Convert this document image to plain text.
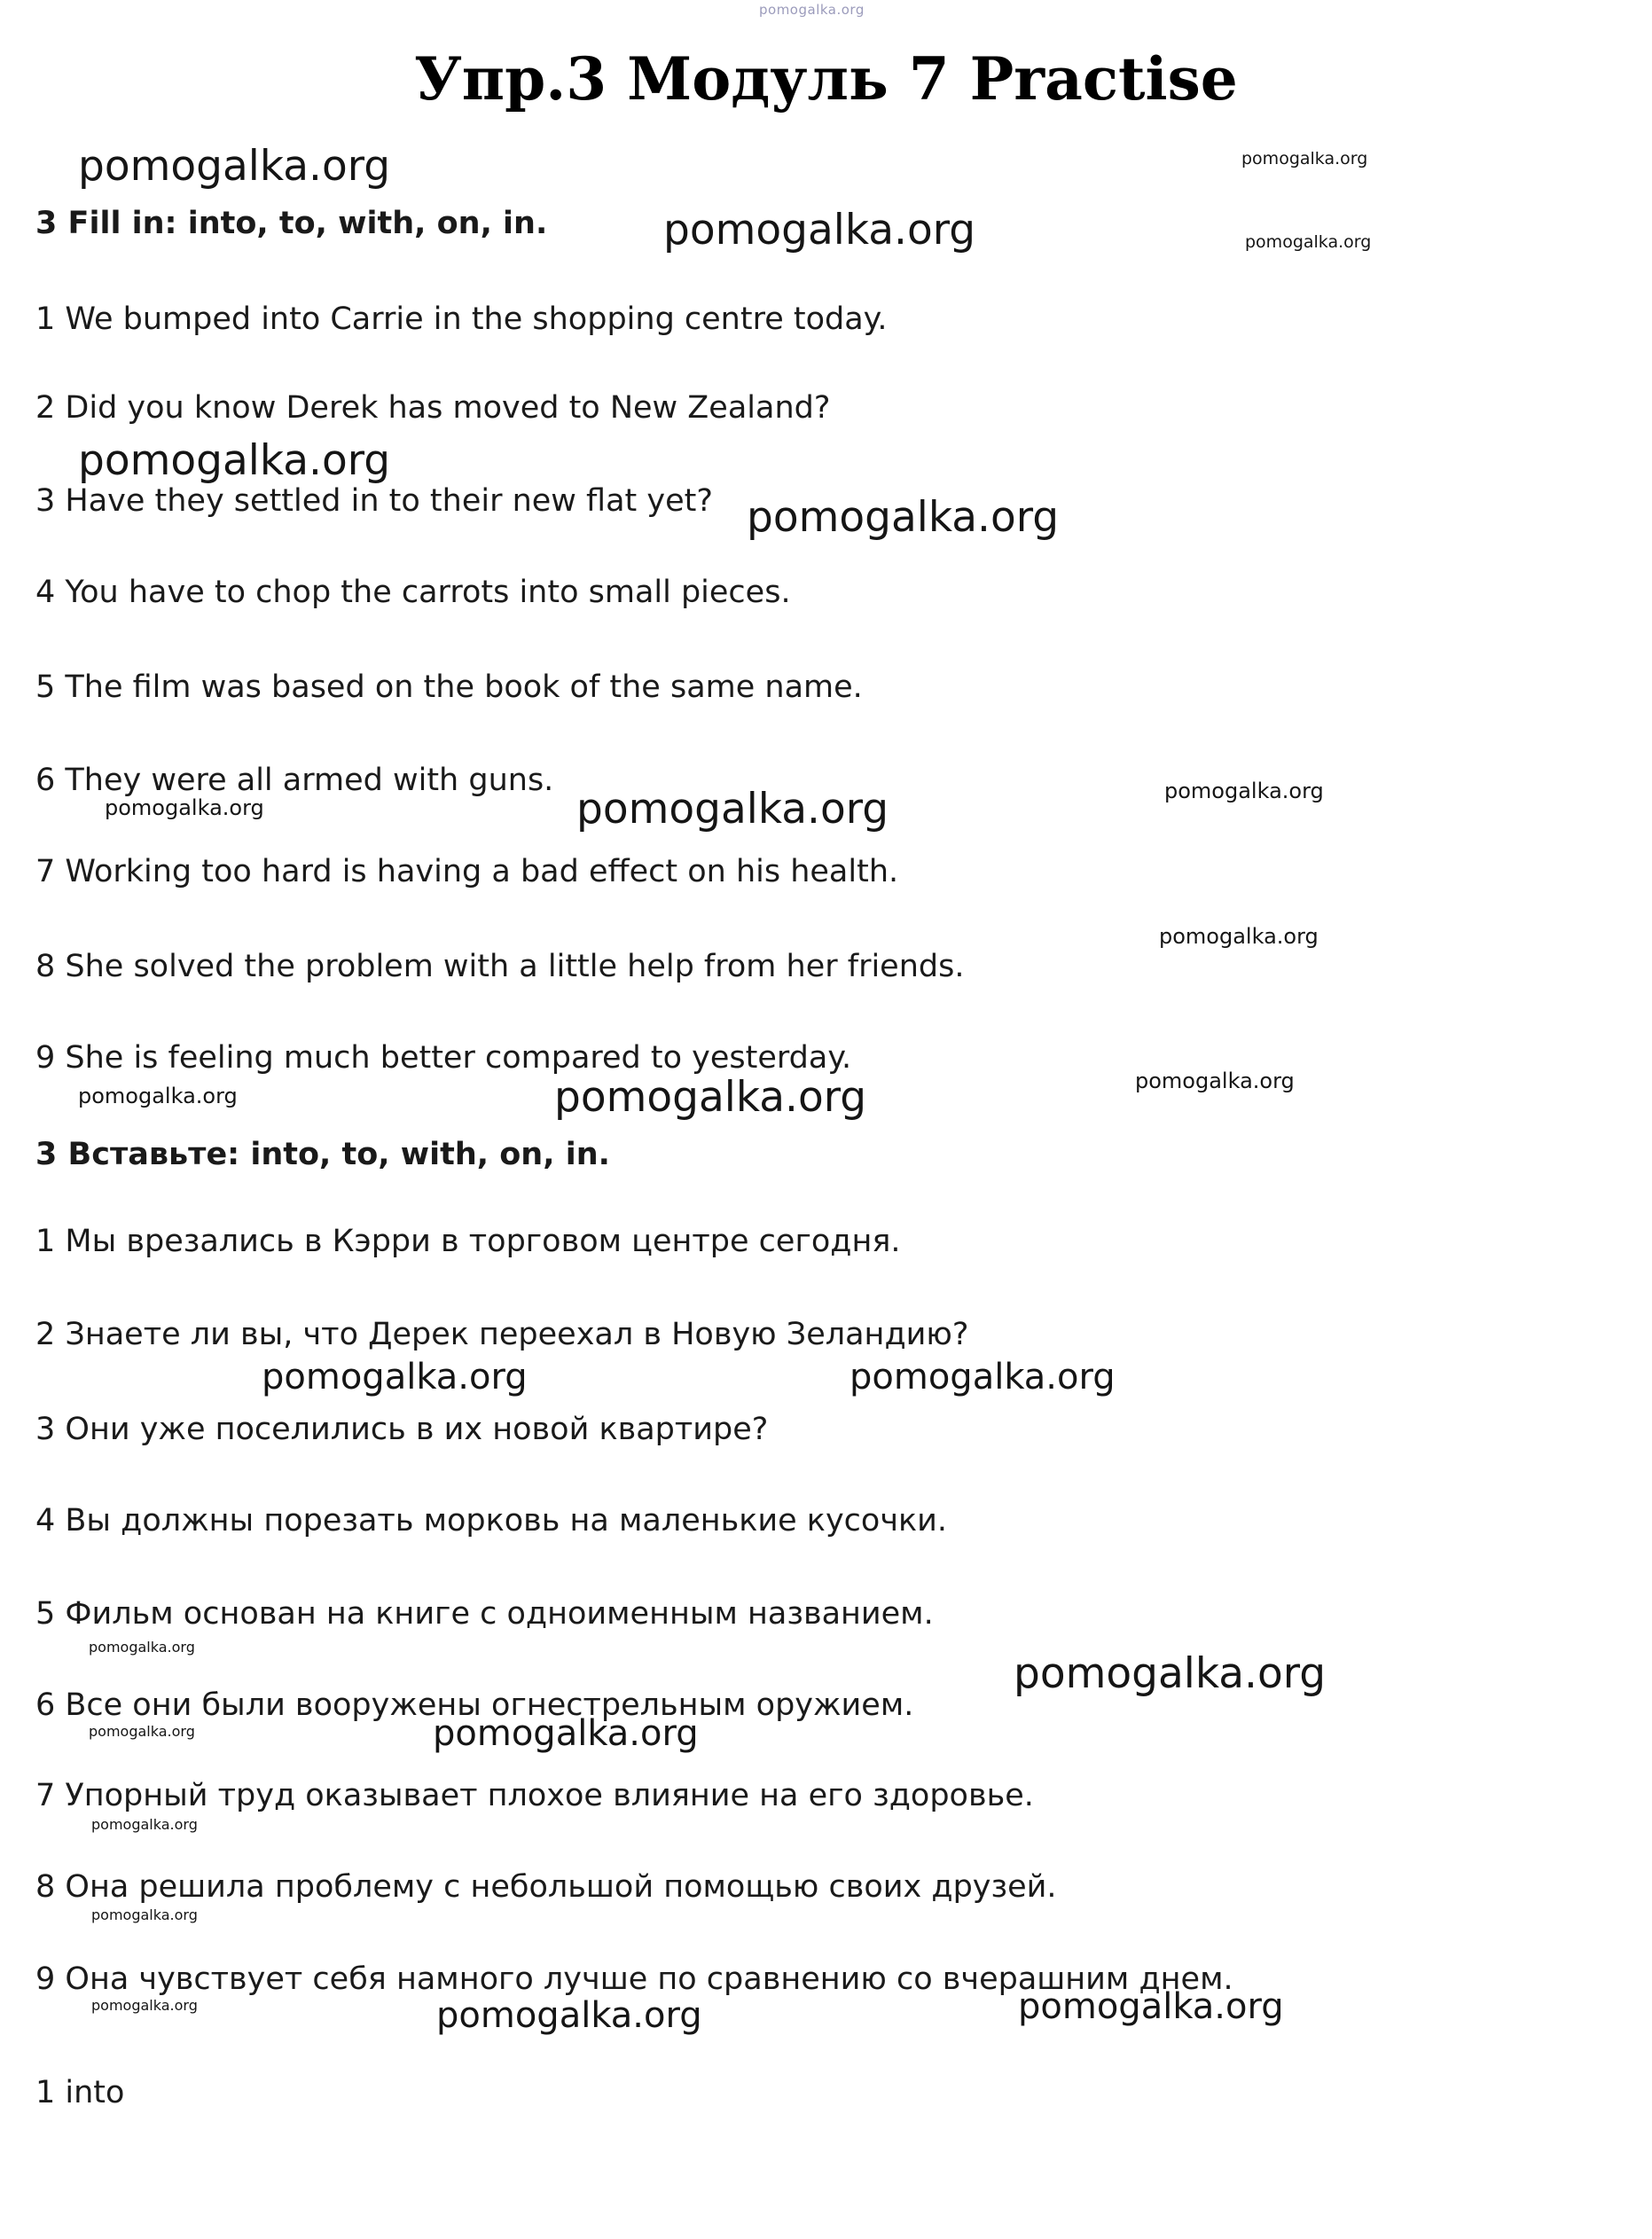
pomogalka.org
Упр.3 Модуль 7 Practise
3 Fill in: into, to, with, on, in.
1 We bumped into Carrie in the shopping centre today.
2 Did you know Derek has moved to New Zealand?
3 Have they settled in to their new flat yet?
4 You have to chop the carrots into small pieces.
5 The film was based on the book of the same name.
6 They were all armed with guns.
7 Working too hard is having a bad effect on his health.
8 She solved the problem with a little help from her friends.
9 She is feeling much better compared to yesterday.
3 Вставьте: into, to, with, on, in.
1 Мы врезались в Кэрри в торговом центре сегодня.
2 Знаете ли вы, что Дерек переехал в Новую Зеландию?
3 Они уже поселились в их новой квартире?
4 Вы должны порезать морковь на маленькие кусочки.
5 Фильм основан на книге с одноименным названием.
6 Все они были вооружены огнестрельным оружием.
7 Упорный труд оказывает плохое влияние на его здоровье.
8 Она решила проблему с небольшой помощью своих друзей.
9 Она чувствует себя намного лучше по сравнению со вчерашним днем.
1 into
pomogalka.org	pomogalka.org
pomogalka.org	pomogalka.org
pomogalka.org
pomogalka.org
pomogalka.org	pomogalka.org	pomogalka.org
pomogalka.org
pomogalka.org	pomogalka.org	pomogalka.org
pomogalka.org	pomogalka.org
pomogalka.org
pomogalka.org
pomogalka.org	pomogalka.org
pomogalka.org
pomogalka.org
pomogalka.org	pomogalka.org	pomogalka.org
